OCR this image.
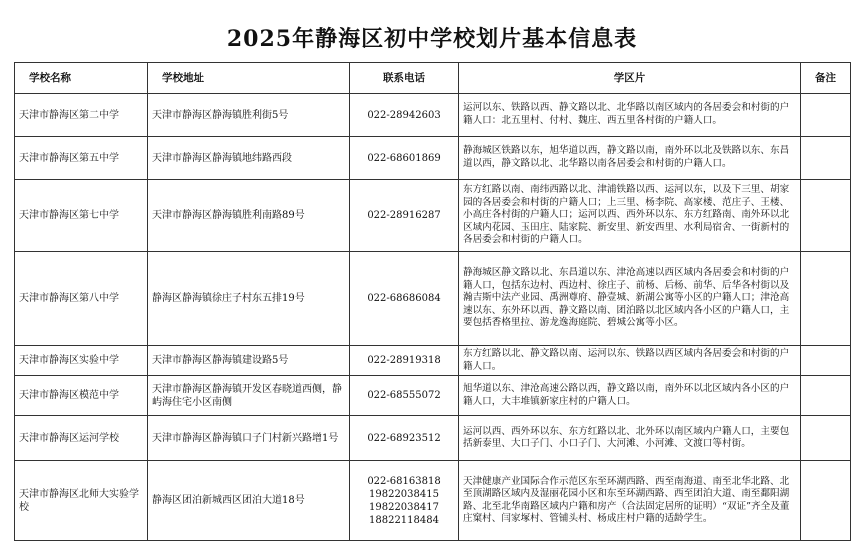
2025年静海区初中学校划片基本信息表
学校名称	学校地址	联系电话	学区片	备注
天津市静海区第二中学	天津市静海区静海镇胜利街5号	022-28942603	运河以东、铁路以西、静文路以北、北华路以南区域内的各居委会和村街的户籍人口：北五里村、付村、魏庄、西五里各村街的户籍人口。	
天津市静海区第五中学	天津市静海区静海镇地纬路西段	022-68601869	静海城区铁路以东，旭华道以西，静文路以南，南外环以北及铁路以东、东昌道以西，静文路以北、北华路以南各居委会和村街的户籍人口。	
天津市静海区第七中学	天津市静海区静海镇胜利南路89号	022-28916287	东方红路以南、南纬西路以北、津浦铁路以西、运河以东，以及下三里、胡家园的各居委会和村街的户籍人口；上三里、杨李院、高家楼、范庄子、王楼、小高庄各村街的户籍人口；运河以西、西外环以东、东方红路南、南外环以北区域内花园、玉田庄、陆家院、新安里、新安西里、水利局宿舍、一街新村的各居委会和村街的户籍人口。	
天津市静海区第八中学	静海区静海镇徐庄子村东五排19号	022-68686084	静海城区静文路以北、东昌道以东、津沧高速以西区域内各居委会和村街的户籍人口，包括东边村、西边村、徐庄子、前杨、后杨、前华、后华各村街以及瀚吉斯中法产业园、禹洲尊府、静壹城、新湖公寓等小区的户籍人口；津沧高速以东、东外环以西、静文路以南、团泊路以北区域内各小区的户籍人口，主要包括香格里拉、游龙逸海庭院、碧城公寓等小区。	
天津市静海区实验中学	天津市静海区静海镇建设路5号	022-28919318	东方红路以北、静文路以南、运河以东、铁路以西区域内各居委会和村街的户籍人口。	
天津市静海区模范中学	天津市静海区静海镇开发区春晓道西侧，静屿海住宅小区南侧	022-68555072	旭华道以东、津沧高速公路以西，静文路以南，南外环以北区域内各小区的户籍人口，大丰堆镇新家庄村的户籍人口。	
天津市静海区运河学校	天津市静海区静海镇口子门村新兴路增1号	022-68923512	运河以西、西外环以东、东方红路以北、北外环以南区域内户籍人口，主要包括新泰里、大口子门、小口子门、大河滩、小河滩、文渡口等村街。	
天津市静海区北师大实验学校	静海区团泊新城西区团泊大道18号	022-68163818
19822038415
19822038417
18822118484	天津健康产业国际合作示范区东至环湖西路、西至南海道、南至北华北路、北至顶湖路区域内及湿丽花园小区和东至环湖西路、西至团泊大道、南至鄱阳湖路、北至北华南路区域内户籍和房产（合法固定居所的证明）“双证”齐全及董庄窠村、闫家塚村、管铺头村、杨成庄村户籍的适龄学生。	
